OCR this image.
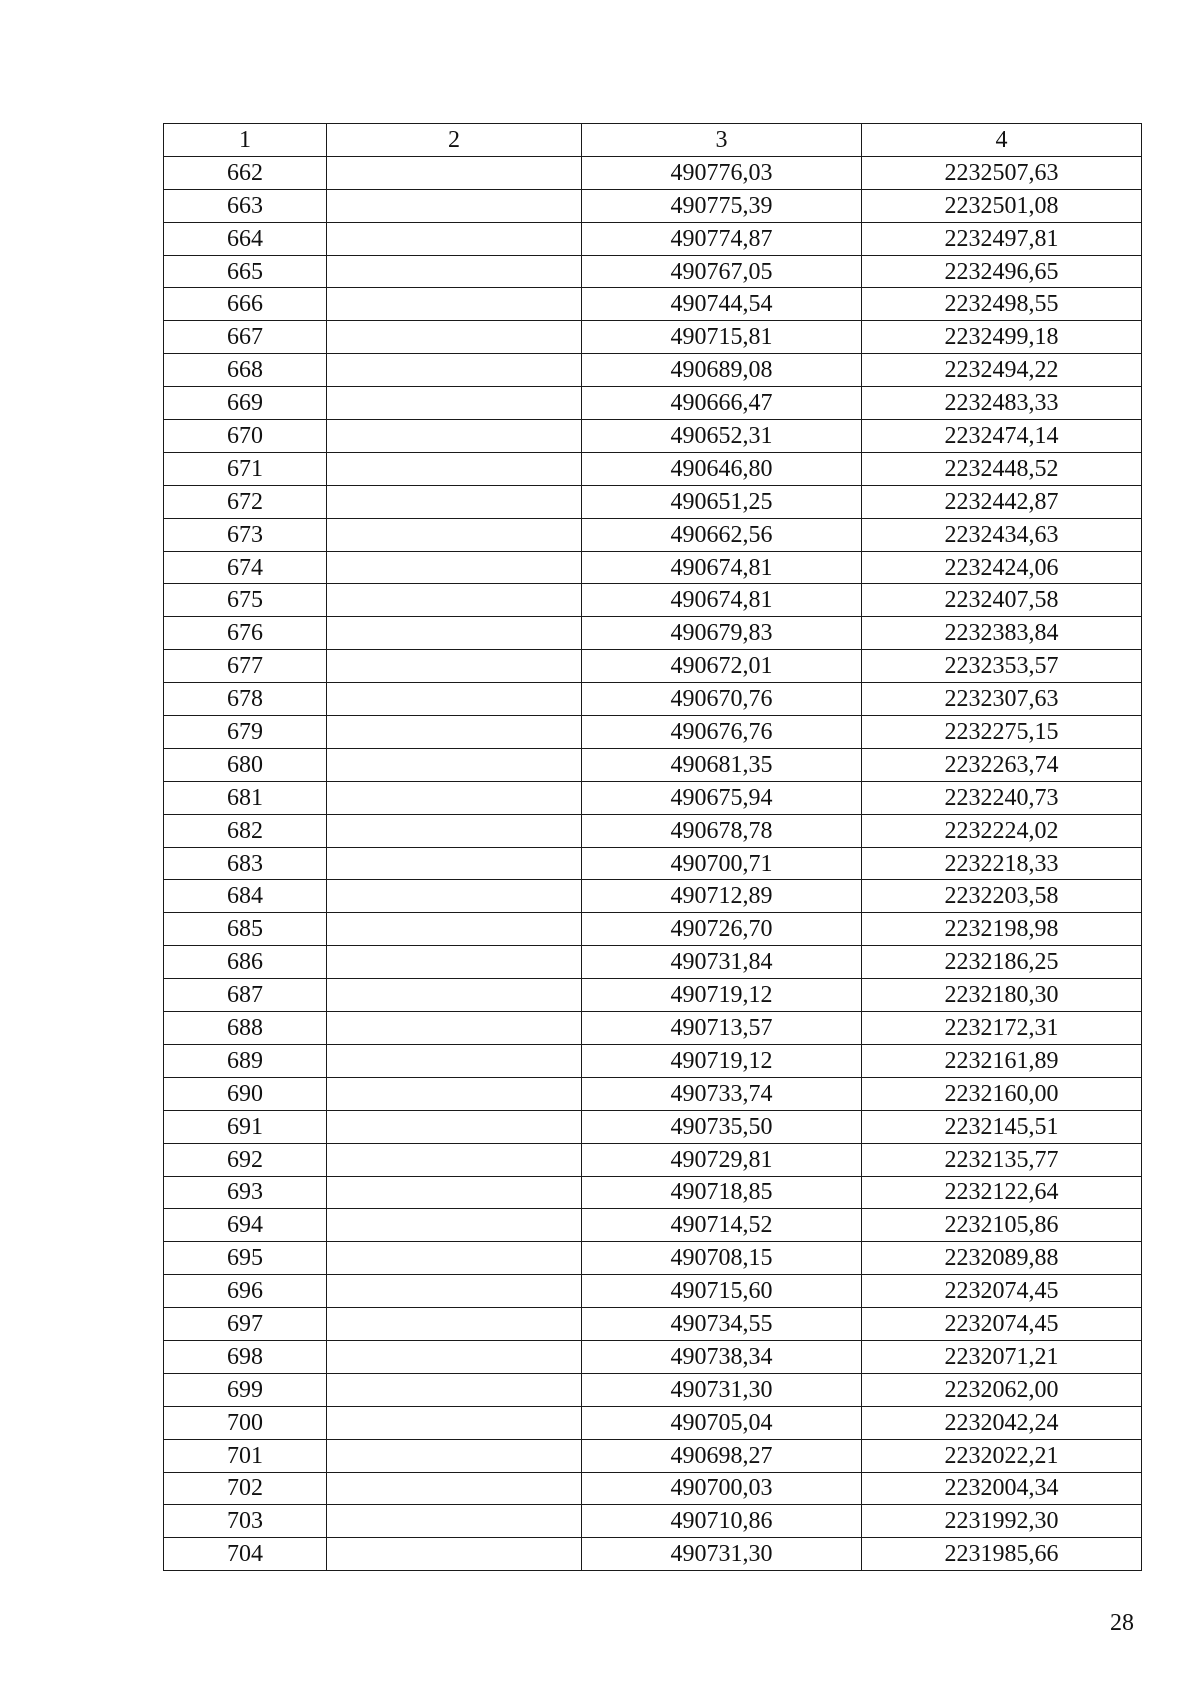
1	2	3	4
662		490776,03	2232507,63
663		490775,39	2232501,08
664		490774,87	2232497,81
665		490767,05	2232496,65
666		490744,54	2232498,55
667		490715,81	2232499,18
668		490689,08	2232494,22
669		490666,47	2232483,33
670		490652,31	2232474,14
671		490646,80	2232448,52
672		490651,25	2232442,87
673		490662,56	2232434,63
674		490674,81	2232424,06
675		490674,81	2232407,58
676		490679,83	2232383,84
677		490672,01	2232353,57
678		490670,76	2232307,63
679		490676,76	2232275,15
680		490681,35	2232263,74
681		490675,94	2232240,73
682		490678,78	2232224,02
683		490700,71	2232218,33
684		490712,89	2232203,58
685		490726,70	2232198,98
686		490731,84	2232186,25
687		490719,12	2232180,30
688		490713,57	2232172,31
689		490719,12	2232161,89
690		490733,74	2232160,00
691		490735,50	2232145,51
692		490729,81	2232135,77
693		490718,85	2232122,64
694		490714,52	2232105,86
695		490708,15	2232089,88
696		490715,60	2232074,45
697		490734,55	2232074,45
698		490738,34	2232071,21
699		490731,30	2232062,00
700		490705,04	2232042,24
701		490698,27	2232022,21
702		490700,03	2232004,34
703		490710,86	2231992,30
704		490731,30	2231985,66
28
